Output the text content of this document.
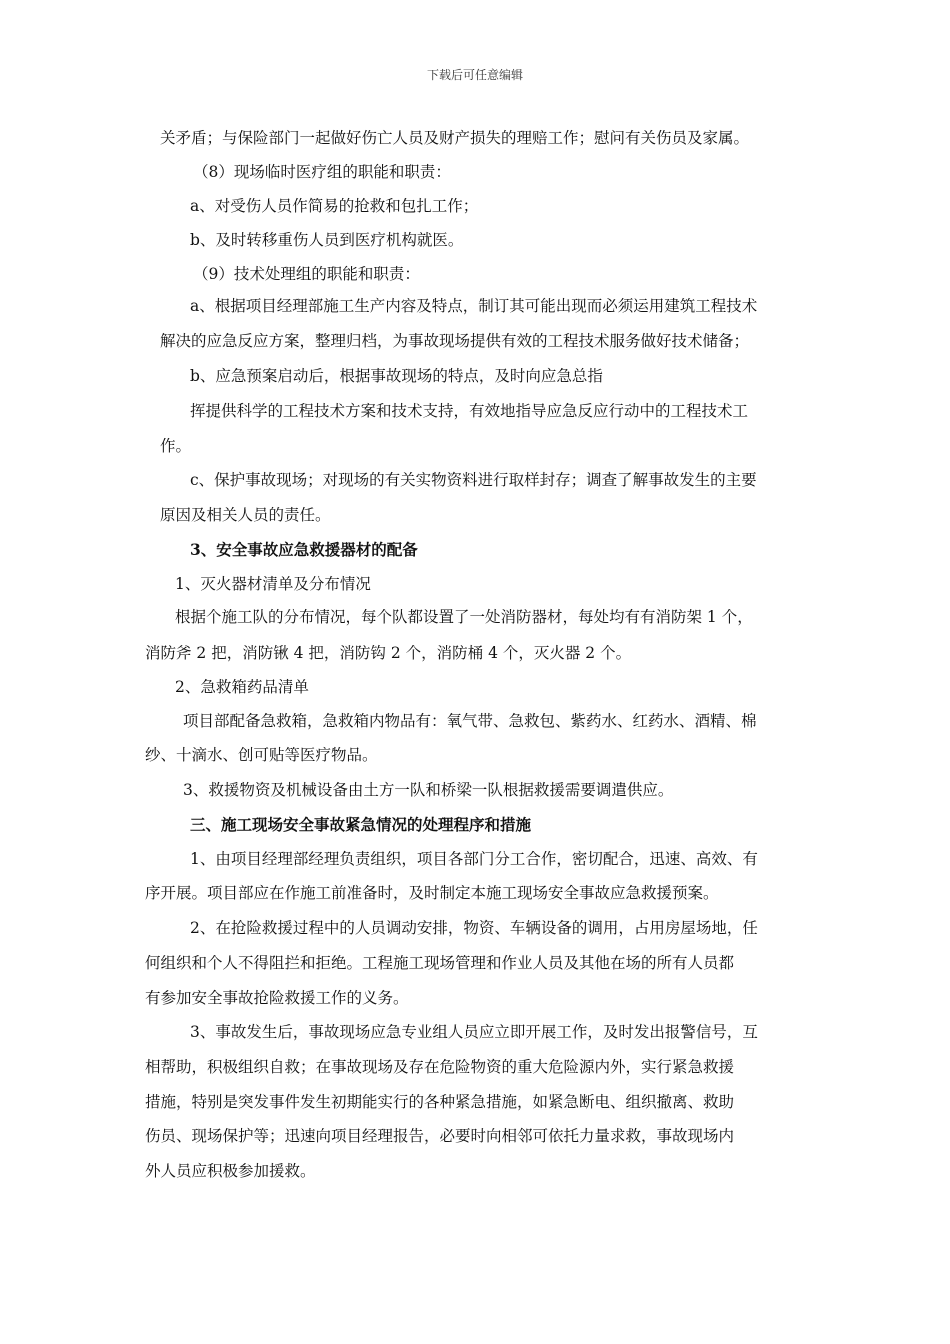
下载后可任意编辑
关矛盾；与保险部门一起做好伤亡人员及财产损失的理赔工作；慰问有关伤员及家属。
（8）现场临时医疗组的职能和职责：
a、对受伤人员作简易的抢救和包扎工作；
b、及时转移重伤人员到医疗机构就医。
（9）技术处理组的职能和职责：
a、根据项目经理部施工生产内容及特点，制订其可能出现而必须运用建筑工程技术
解决的应急反应方案，整理归档，为事故现场提供有效的工程技术服务做好技术储备；
b、应急预案启动后，根据事故现场的特点，及时向应急总指
挥提供科学的工程技术方案和技术支持，有效地指导应急反应行动中的工程技术工
作。
c、保护事故现场；对现场的有关实物资料进行取样封存；调查了解事故发生的主要
原因及相关人员的责任。
3、安全事故应急救援器材的配备
1、灭火器材清单及分布情况
根据个施工队的分布情况，每个队都设置了一处消防器材，每处均有有消防架 1 个，
消防斧 2 把，消防锹 4 把，消防钩 2 个，消防桶 4 个，灭火器 2 个。
2、急救箱药品清单
项目部配备急救箱，急救箱内物品有：氧气带、急救包、紫药水、红药水、酒精、棉
纱、十滴水、创可贴等医疗物品。
3、救援物资及机械设备由土方一队和桥梁一队根据救援需要调遣供应。
三、施工现场安全事故紧急情况的处理程序和措施
1、由项目经理部经理负责组织，项目各部门分工合作，密切配合，迅速、高效、有
序开展。项目部应在作施工前准备时，及时制定本施工现场安全事故应急救援预案。
2、在抢险救援过程中的人员调动安排，物资、车辆设备的调用，占用房屋场地，任
何组织和个人不得阻拦和拒绝。工程施工现场管理和作业人员及其他在场的所有人员都
有参加安全事故抢险救援工作的义务。
3、事故发生后，事故现场应急专业组人员应立即开展工作，及时发出报警信号，互
相帮助，积极组织自救；在事故现场及存在危险物资的重大危险源内外，实行紧急救援
措施，特别是突发事件发生初期能实行的各种紧急措施，如紧急断电、组织撤离、救助
伤员、现场保护等；迅速向项目经理报告，必要时向相邻可依托力量求救，事故现场内
外人员应积极参加援救。
